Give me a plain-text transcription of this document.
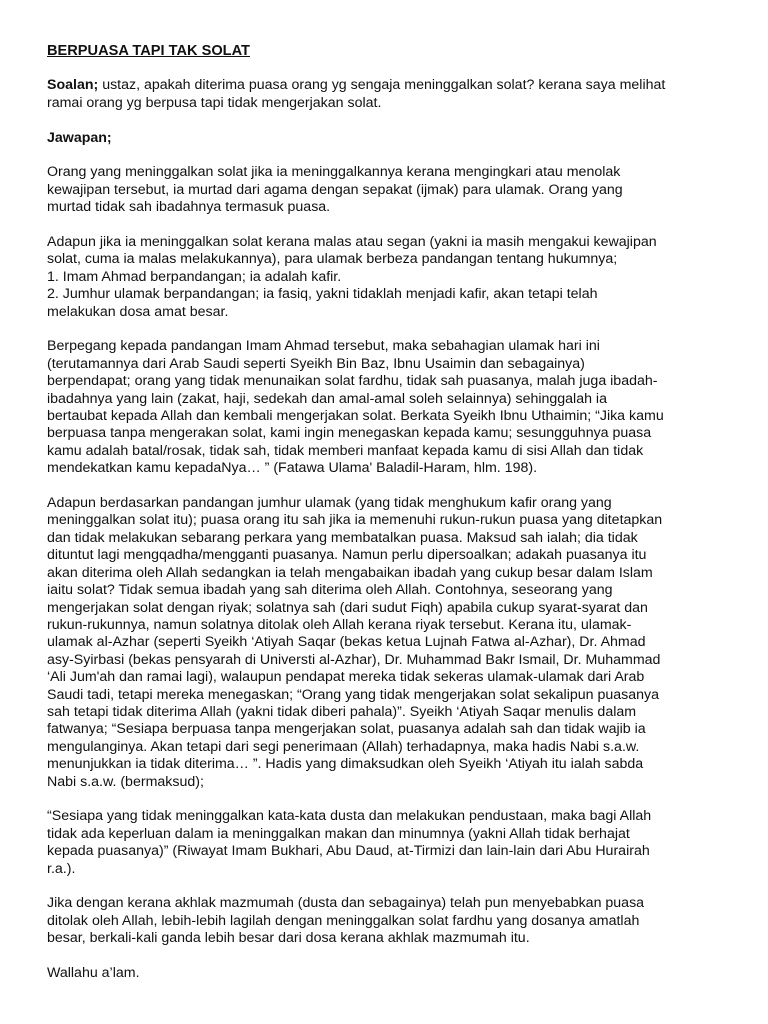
BERPUASA TAPI TAK SOLAT
Soalan; ustaz, apakah diterima puasa orang yg sengaja meninggalkan solat? kerana saya melihat
ramai orang yg berpusa tapi tidak mengerjakan solat.
Jawapan;
Orang yang meninggalkan solat jika ia meninggalkannya kerana mengingkari atau menolak
kewajipan tersebut, ia murtad dari agama dengan sepakat (ijmak) para ulamak. Orang yang
murtad tidak sah ibadahnya termasuk puasa.
Adapun jika ia meninggalkan solat kerana malas atau segan (yakni ia masih mengakui kewajipan
solat, cuma ia malas melakukannya), para ulamak berbeza pandangan tentang hukumnya;
1. Imam Ahmad berpandangan; ia adalah kafir.
2. Jumhur ulamak berpandangan; ia fasiq, yakni tidaklah menjadi kafir, akan tetapi telah
melakukan dosa amat besar.
Berpegang kepada pandangan Imam Ahmad tersebut, maka sebahagian ulamak hari ini
(terutamannya dari Arab Saudi seperti Syeikh Bin Baz, Ibnu Usaimin dan sebagainya)
berpendapat; orang yang tidak menunaikan solat fardhu, tidak sah puasanya, malah juga ibadah-
ibadahnya yang lain (zakat, haji, sedekah dan amal-amal soleh selainnya) sehinggalah ia
bertaubat kepada Allah dan kembali mengerjakan solat. Berkata Syeikh Ibnu Uthaimin; “Jika kamu
berpuasa tanpa mengerakan solat, kami ingin menegaskan kepada kamu; sesungguhnya puasa
kamu adalah batal/rosak, tidak sah, tidak memberi manfaat kepada kamu di sisi Allah dan tidak
mendekatkan kamu kepadaNya… ” (Fatawa Ulama' Baladil-Haram, hlm. 198).
Adapun berdasarkan pandangan jumhur ulamak (yang tidak menghukum kafir orang yang
meninggalkan solat itu); puasa orang itu sah jika ia memenuhi rukun-rukun puasa yang ditetapkan
dan tidak melakukan sebarang perkara yang membatalkan puasa. Maksud sah ialah; dia tidak
dituntut lagi mengqadha/mengganti puasanya. Namun perlu dipersoalkan; adakah puasanya itu
akan diterima oleh Allah sedangkan ia telah mengabaikan ibadah yang cukup besar dalam Islam
iaitu solat? Tidak semua ibadah yang sah diterima oleh Allah. Contohnya, seseorang yang
mengerjakan solat dengan riyak; solatnya sah (dari sudut Fiqh) apabila cukup syarat-syarat dan
rukun-rukunnya, namun solatnya ditolak oleh Allah kerana riyak tersebut. Kerana itu, ulamak-
ulamak al-Azhar (seperti Syeikh ‘Atiyah Saqar (bekas ketua Lujnah Fatwa al-Azhar), Dr. Ahmad
asy-Syirbasi (bekas pensyarah di Universti al-Azhar), Dr. Muhammad Bakr Ismail, Dr. Muhammad
‘Ali Jum'ah dan ramai lagi), walaupun pendapat mereka tidak sekeras ulamak-ulamak dari Arab
Saudi tadi, tetapi mereka menegaskan; “Orang yang tidak mengerjakan solat sekalipun puasanya
sah tetapi tidak diterima Allah (yakni tidak diberi pahala)”. Syeikh ‘Atiyah Saqar menulis dalam
fatwanya; “Sesiapa berpuasa tanpa mengerjakan solat, puasanya adalah sah dan tidak wajib ia
mengulanginya. Akan tetapi dari segi penerimaan (Allah) terhadapnya, maka hadis Nabi s.a.w.
menunjukkan ia tidak diterima… ”. Hadis yang dimaksudkan oleh Syeikh ‘Atiyah itu ialah sabda
Nabi s.a.w. (bermaksud);
“Sesiapa yang tidak meninggalkan kata-kata dusta dan melakukan pendustaan, maka bagi Allah
tidak ada keperluan dalam ia meninggalkan makan dan minumnya (yakni Allah tidak berhajat
kepada puasanya)” (Riwayat Imam Bukhari, Abu Daud, at-Tirmizi dan lain-lain dari Abu Hurairah
r.a.).
Jika dengan kerana akhlak mazmumah (dusta dan sebagainya) telah pun menyebabkan puasa
ditolak oleh Allah, lebih-lebih lagilah dengan meninggalkan solat fardhu yang dosanya amatlah
besar, berkali-kali ganda lebih besar dari dosa kerana akhlak mazmumah itu.
Wallahu a’lam.
